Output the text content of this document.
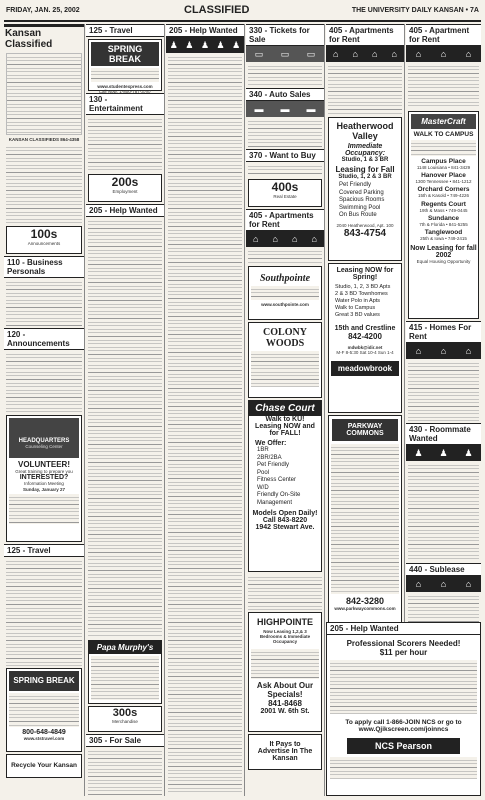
FRIDAY, JAN. 25, 2002	CLASSIFIED	THE UNIVERSITY DAILY KANSAN • 7A
Kansan Classified
KANSAN CLASSIFIEDS 864-4358
100s
Announcements
110 - Business Personals
120 - Announcements
HEADQUARTERS
Counseling Center
VOLUNTEER!
Great training to prepare you
INTERESTED?
Information Meeting
Sunday, January 27
125 - Travel
SPRING BREAK
800-648-4849
www.ststravel.com
Recycle Your Kansan
125 - Travel
SPRING BREAK
www.studentexpress.com
Call Now: 1-800-787-3787
130 - Entertainment
200s
Employment
205 - Help Wanted
Papa Murphy's
300s
Merchandise
305 - For Sale
205 - Help Wanted
♟ ♟ ♟ ♟ ♟
330 - Tickets for Sale
▭ ▭ ▭
340 - Auto Sales
▬ ▬ ▬
370 - Want to Buy
400s
Real Estate
405 - Apartments for Rent
⌂ ⌂ ⌂ ⌂
Southpointe
www.southpointe.com
COLONY
WOODS
Chase Court
Walk to KU!
Leasing NOW and
for FALL!
We Offer:
1BR
2BR/2BA
Pet Friendly
Pool
Fitness Center
W/D
Friendly On-Site Management
Models Open Daily!
Call 843-8220
1942 Stewart Ave.
HIGHPOINTE
Now Leasing 1,2,& 3 Bedrooms & Immediate Occupancy
Ask About Our Specials!
841-8468
2001 W. 6th St.
It Pays to Advertise In The Kansan
405 - Apartments for Rent
⌂ ⌂ ⌂ ⌂
Heatherwood Valley
Immediate Occupancy:
Studio, 1 & 3 BR
Leasing for Fall
Studio, 1, 2 & 3 BR
Pet Friendly
Covered Parking
Spacious Rooms
Swimming Pool
On Bus Route
2040 Heatherwood, Apt. 100
843-4754
Leasing NOW for Spring!
Studio, 1, 2, 3 BD Apts
2 & 3 BD Townhomes
Water Polo in Apts
Walk to Campus
Great 3 BD values
15th and Crestline
842-4200
mdwbk@idir.net
M-F 8-5:30 Sat 10-4 Sun 1-4
meadowbrook
PARKWAY COMMONS
842-3280
www.parkwaycommons.com
405 - Apartment for Rent
⌂ ⌂ ⌂
MasterCraft
WALK TO CAMPUS
Campus Place
1148 Louisiana • 841-3429
Hanover Place
1300 Tennessee • 841-1212
Orchard Corners
15th & Kasold • 749-4226
Regents Court
19th & Mass • 749-0445
Sundance
7th & Florida • 841-5255
Tanglewood
25th & Iowa • 749-2415
Now Leasing for fall 2002
Equal Housing Opportunity
415 - Homes For Rent
⌂ ⌂ ⌂
430 - Roommate Wanted
♟ ♟ ♟
440 - Sublease
⌂ ⌂ ⌂
205 - Help Wanted
Professional Scorers Needed!
$11 per hour
To apply call 1-866-JOIN NCS or go to www.Qjikscreen.com/joinncs
NCS Pearson
